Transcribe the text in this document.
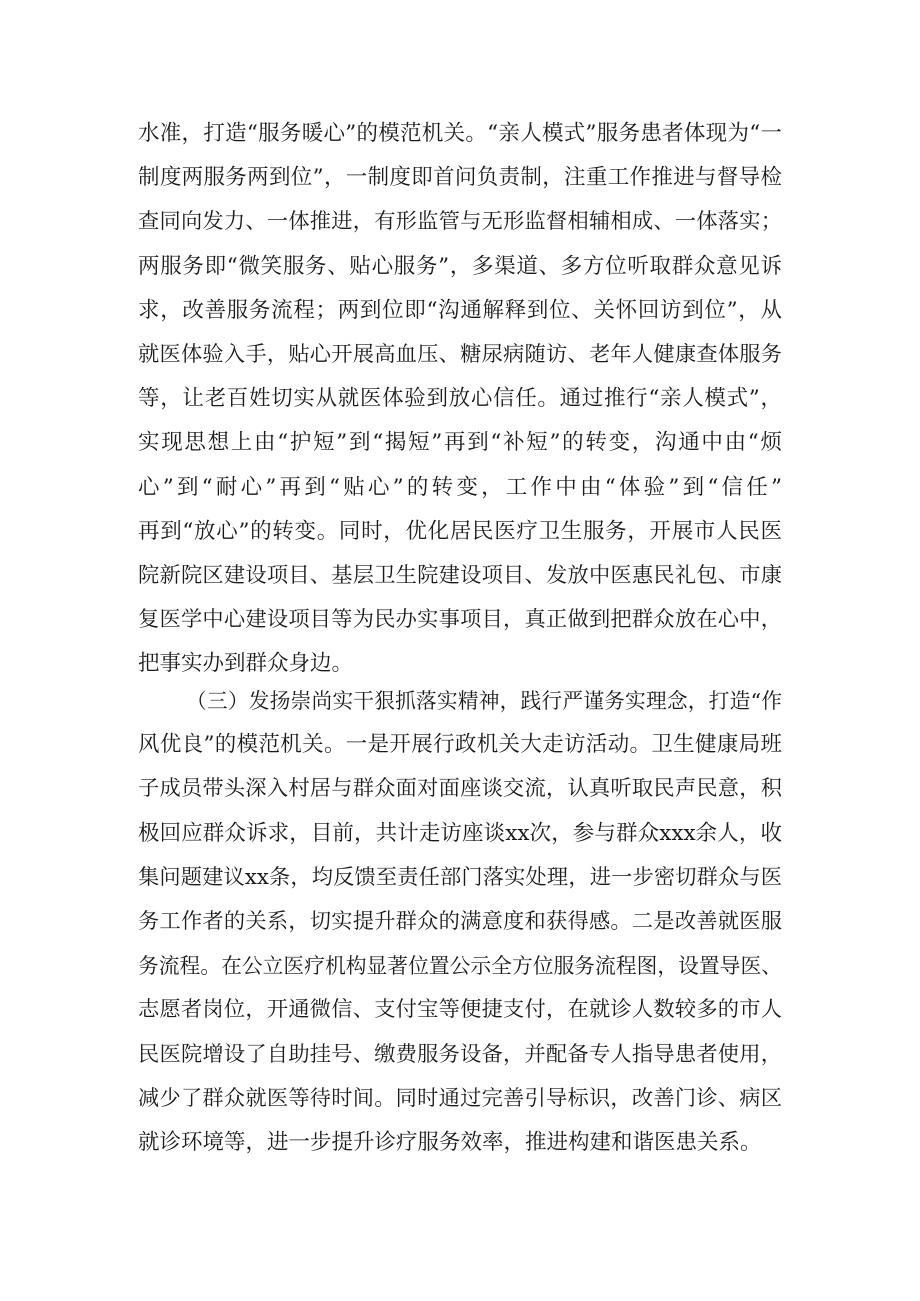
水准，打造“服务暖心”的模范机关。“亲人模式”服务患者体现为“一
制度两服务两到位”，一制度即首问负责制，注重工作推进与督导检
查同向发力、一体推进，有形监管与无形监督相辅相成、一体落实；
两服务即“微笑服务、贴心服务”，多渠道、多方位听取群众意见诉
求，改善服务流程；两到位即“沟通解释到位、关怀回访到位”，从
就医体验入手，贴心开展高血压、糖尿病随访、老年人健康查体服务
等，让老百姓切实从就医体验到放心信任。通过推行“亲人模式”，
实现思想上由“护短”到“揭短”再到“补短”的转变，沟通中由“烦
心”到“耐心”再到“贴心”的转变，工作中由“体验”到“信任”
再到“放心”的转变。同时，优化居民医疗卫生服务，开展市人民医
院新院区建设项目、基层卫生院建设项目、发放中医惠民礼包、市康
复医学中心建设项目等为民办实事项目，真正做到把群众放在心中，
把事实办到群众身边。
（三）发扬崇尚实干狠抓落实精神，践行严谨务实理念，打造“作
风优良”的模范机关。一是开展行政机关大走访活动。卫生健康局班
子成员带头深入村居与群众面对面座谈交流，认真听取民声民意，积
极回应群众诉求，目前，共计走访座谈xx次，参与群众xxx余人，收
集问题建议xx条，均反馈至责任部门落实处理，进一步密切群众与医
务工作者的关系，切实提升群众的满意度和获得感。二是改善就医服
务流程。在公立医疗机构显著位置公示全方位服务流程图，设置导医、
志愿者岗位，开通微信、支付宝等便捷支付，在就诊人数较多的市人
民医院增设了自助挂号、缴费服务设备，并配备专人指导患者使用，
减少了群众就医等待时间。同时通过完善引导标识，改善门诊、病区
就诊环境等，进一步提升诊疗服务效率，推进构建和谐医患关系。
